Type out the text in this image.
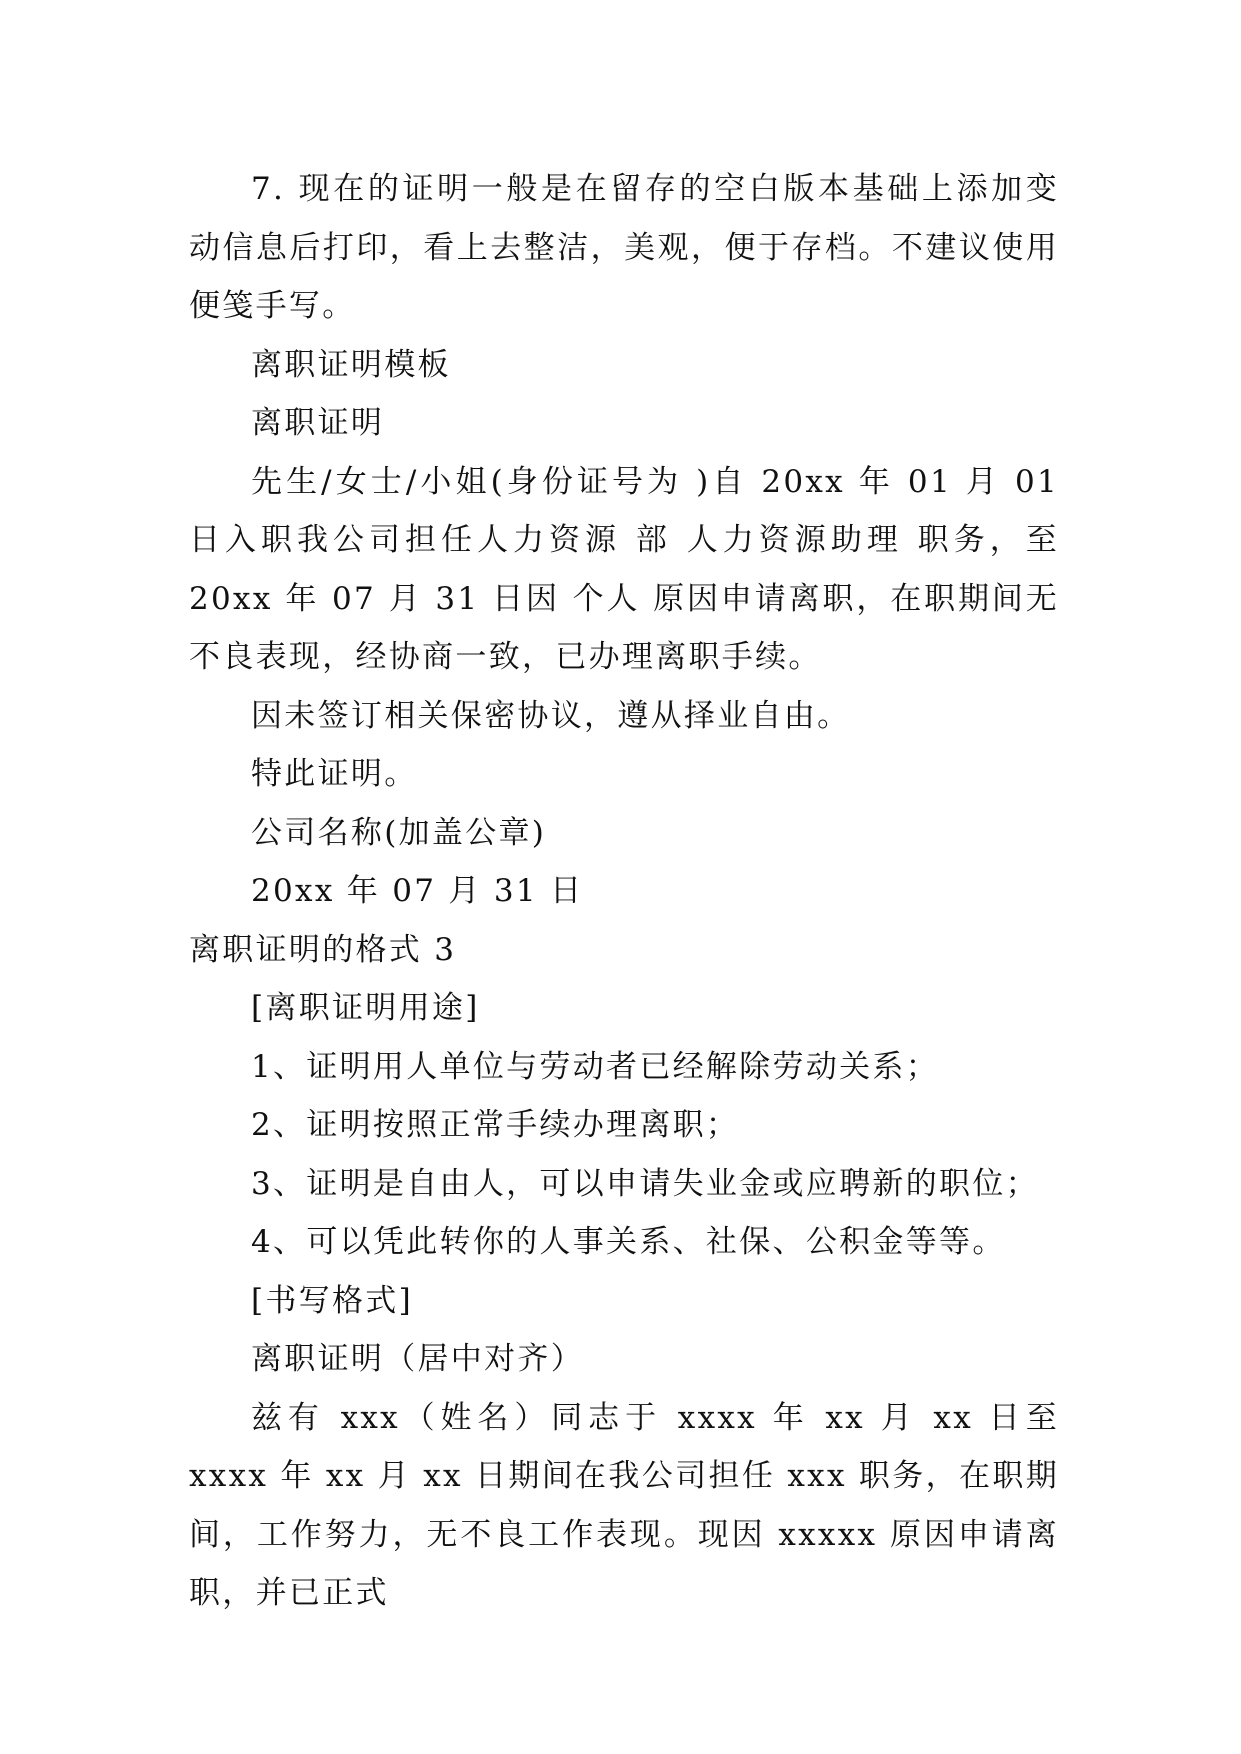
7. 现在的证明一般是在留存的空白版本基础上添加变动信息后打印，看上去整洁，美观，便于存档。不建议使用便笺手写。

离职证明模板

离职证明

先生/女士/小姐(身份证号为 )自 20xx 年 01 月 01 日入职我公司担任人力资源 部 人力资源助理 职务，至 20xx 年 07 月 31 日因 个人 原因申请离职，在职期间无不良表现，经协商一致，已办理离职手续。

因未签订相关保密协议，遵从择业自由。

特此证明。

公司名称(加盖公章)

20xx 年 07 月 31 日

离职证明的格式 3

[离职证明用途]

1、证明用人单位与劳动者已经解除劳动关系；

2、证明按照正常手续办理离职；

3、证明是自由人，可以申请失业金或应聘新的职位；

4、可以凭此转你的人事关系、社保、公积金等等。

[书写格式]

离职证明（居中对齐）

兹有 xxx（姓名）同志于 xxxx 年 xx 月 xx 日至 xxxx 年 xx 月 xx 日期间在我公司担任 xxx 职务，在职期间，工作努力，无不良工作表现。现因 xxxxx 原因申请离职，并已正式
